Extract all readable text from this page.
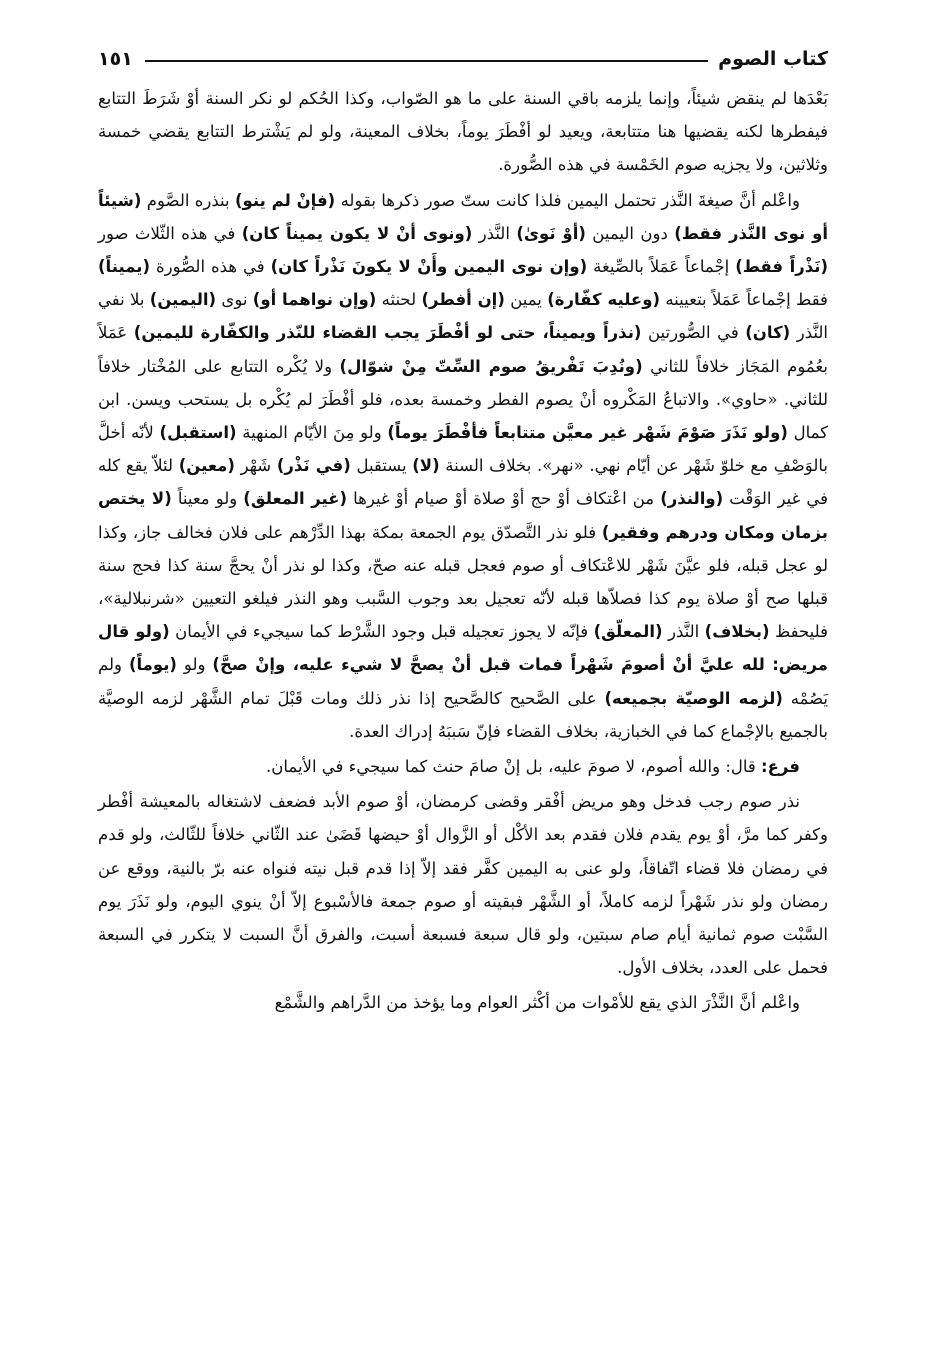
كتاب الصوم
١٥١

بَعْدَها لم ينقض شيئاً، وإنما يلزمه باقي السنة على ما هو الصّواب، وكذا الحُكم لو نكر السنة أوْ شَرَطَ التتابع فيفطرها لكنه يقضيها هنا متتابعة، ويعيد لو أفْطَرَ يوماً، بخلاف المعينة، ولو لم يَشْترط التتابع يقضي خمسة وثلاثين، ولا يجزيه صوم الخَمْسة في هذه الصُّورة.

واعْلم أنَّ صيغةَ النَّذر تحتمل اليمين فلذا كانت ستّ صور ذكرها بقوله (فإنْ لم ينو) بنذره الصَّوم (شيئاً أو نوى النَّذر فقط) دون اليمين (أوْ نَوىٰ) النَّذر (ونوى أنْ لا يكون يميناً كان) في هذه الثّلاث صور (نَذْراً فقط) إجْماعاً عَمَلاً بالصِّيغة (وإن نوى اليمين وأَنْ لا يكونَ نَذْراً كان) في هذه الصُّورة (يميناً) فقط إجْماعاً عَمَلاً بتعيينه (وعليه كفّارة) يمين (إن أفطر) لحنثه (وإن نواهما أو) نوى (اليمين) بلا نفي النَّذر (كان) في الصُّورتين (نذراً ويميناً، حتى لو أفْطَرَ يجب القضاء للنّذر والكفّارة لليمين) عَمَلاً بعُمُوم المَجَاز خلافاً للثاني (ونُدِبَ تَفْريقُ صوم السِّتّ مِنْ شوّال) ولا يُكْره التتابع على المُخْتار خلافاً للثاني. «حاوي». والاتباعُ المَكْروه أنْ يصوم الفطر وخمسة بعده، فلو أفْطَرَ لم يُكْره بل يستحب ويسن. ابن كمال (ولو نَذَرَ صَوْمَ شَهْر غير معيَّن متتابعاً فأفْطَرَ يوماً) ولو مِنَ الأيّام المنهية (استقبل) لأنّه أخلَّ بالوَصْفِ مع خلوّ شَهْر عن أيّام نهي. «نهر». بخلاف السنة (لا) يستقبل (في نَذْر) شَهْر (معين) لئلاّ يقع كله في غير الوَقْت (والنذر) من اعْتكاف أوْ حج أوْ صلاة أوْ صيام أوْ غيرها (غير المعلق) ولو معيناً (لا يختص بزمان ومكان ودرهم وفقير) فلو نذر التَّصدّق يوم الجمعة بمكة بهذا الدِّرْهم على فلان فخالف جاز، وكذا لو عجل قبله، فلو عيَّنَ شَهْر للاعْتكاف أو صوم فعجل قبله عنه صحّ، وكذا لو نذر أنْ يحجَّ سنة كذا فحج سنة قبلها صح أوْ صلاة يوم كذا فصلاّها قبله لأنّه تعجيل بعد وجوب السَّبب وهو النذر فيلغو التعيين «شرنبلالية»، فليحفظ (بخلاف) النَّذر (المعلّق) فإنّه لا يجوز تعجيله قبل وجود الشَّرْط كما سيجيء في الأيمان (ولو قال مريض: لله عليَّ أنْ أصومَ شَهْراً فمات قبل أنْ يصحَّ لا شيء عليه، وإنْ صحَّ) ولو (يوماً) ولم يَصُمْه (لزمه الوصيّة بجميعه) على الصَّحيح كالصَّحيح إذا نذر ذلك ومات قَبْلَ تمام الشَّهْر لزمه الوصيَّة بالجميع بالإجْماع كما في الخبازية، بخلاف القضاء فإنّ سَببَهُ إدراك العدة.

فرع: قال: والله أصوم، لا صومَ عليه، بل إنْ صامَ حنث كما سيجيء في الأيمان.

نذر صوم رجب فدخل وهو مريض أفْقر وقضى كرمضان، أوْ صوم الأبد فضعف لاشتغاله بالمعيشة أفْطر وكفر كما مرَّ، أوْ يوم يقدم فلان فقدم بعد الأكْل أو الزَّوال أوْ حيضها قَضَىٰ عند الثّاني خلافاً للثّالث، ولو قدم في رمضان فلا قضاء اتّفاقاً، ولو عنى به اليمين كفَّر فقد إلاّ إذا قدم قبل نيته فنواه عنه برّ بالنية، ووقع عن رمضان ولو نذر شَهْراً لزمه كاملاً، أو الشَّهْر فبقيته أو صوم جمعة فالأسْبوع إلاّ أنْ ينوي اليوم، ولو نَذَرَ يوم السَّبْت صوم ثمانية أيام صام سبتين، ولو قال سبعة فسبعة أسبت، والفرق أنَّ السبت لا يتكرر في السبعة فحمل على العدد، بخلاف الأول.

واعْلم أنَّ النَّذْرَ الذي يقع للأمْوات من أكْثر العوام وما يؤخذ من الدَّراهم والشَّمْع
